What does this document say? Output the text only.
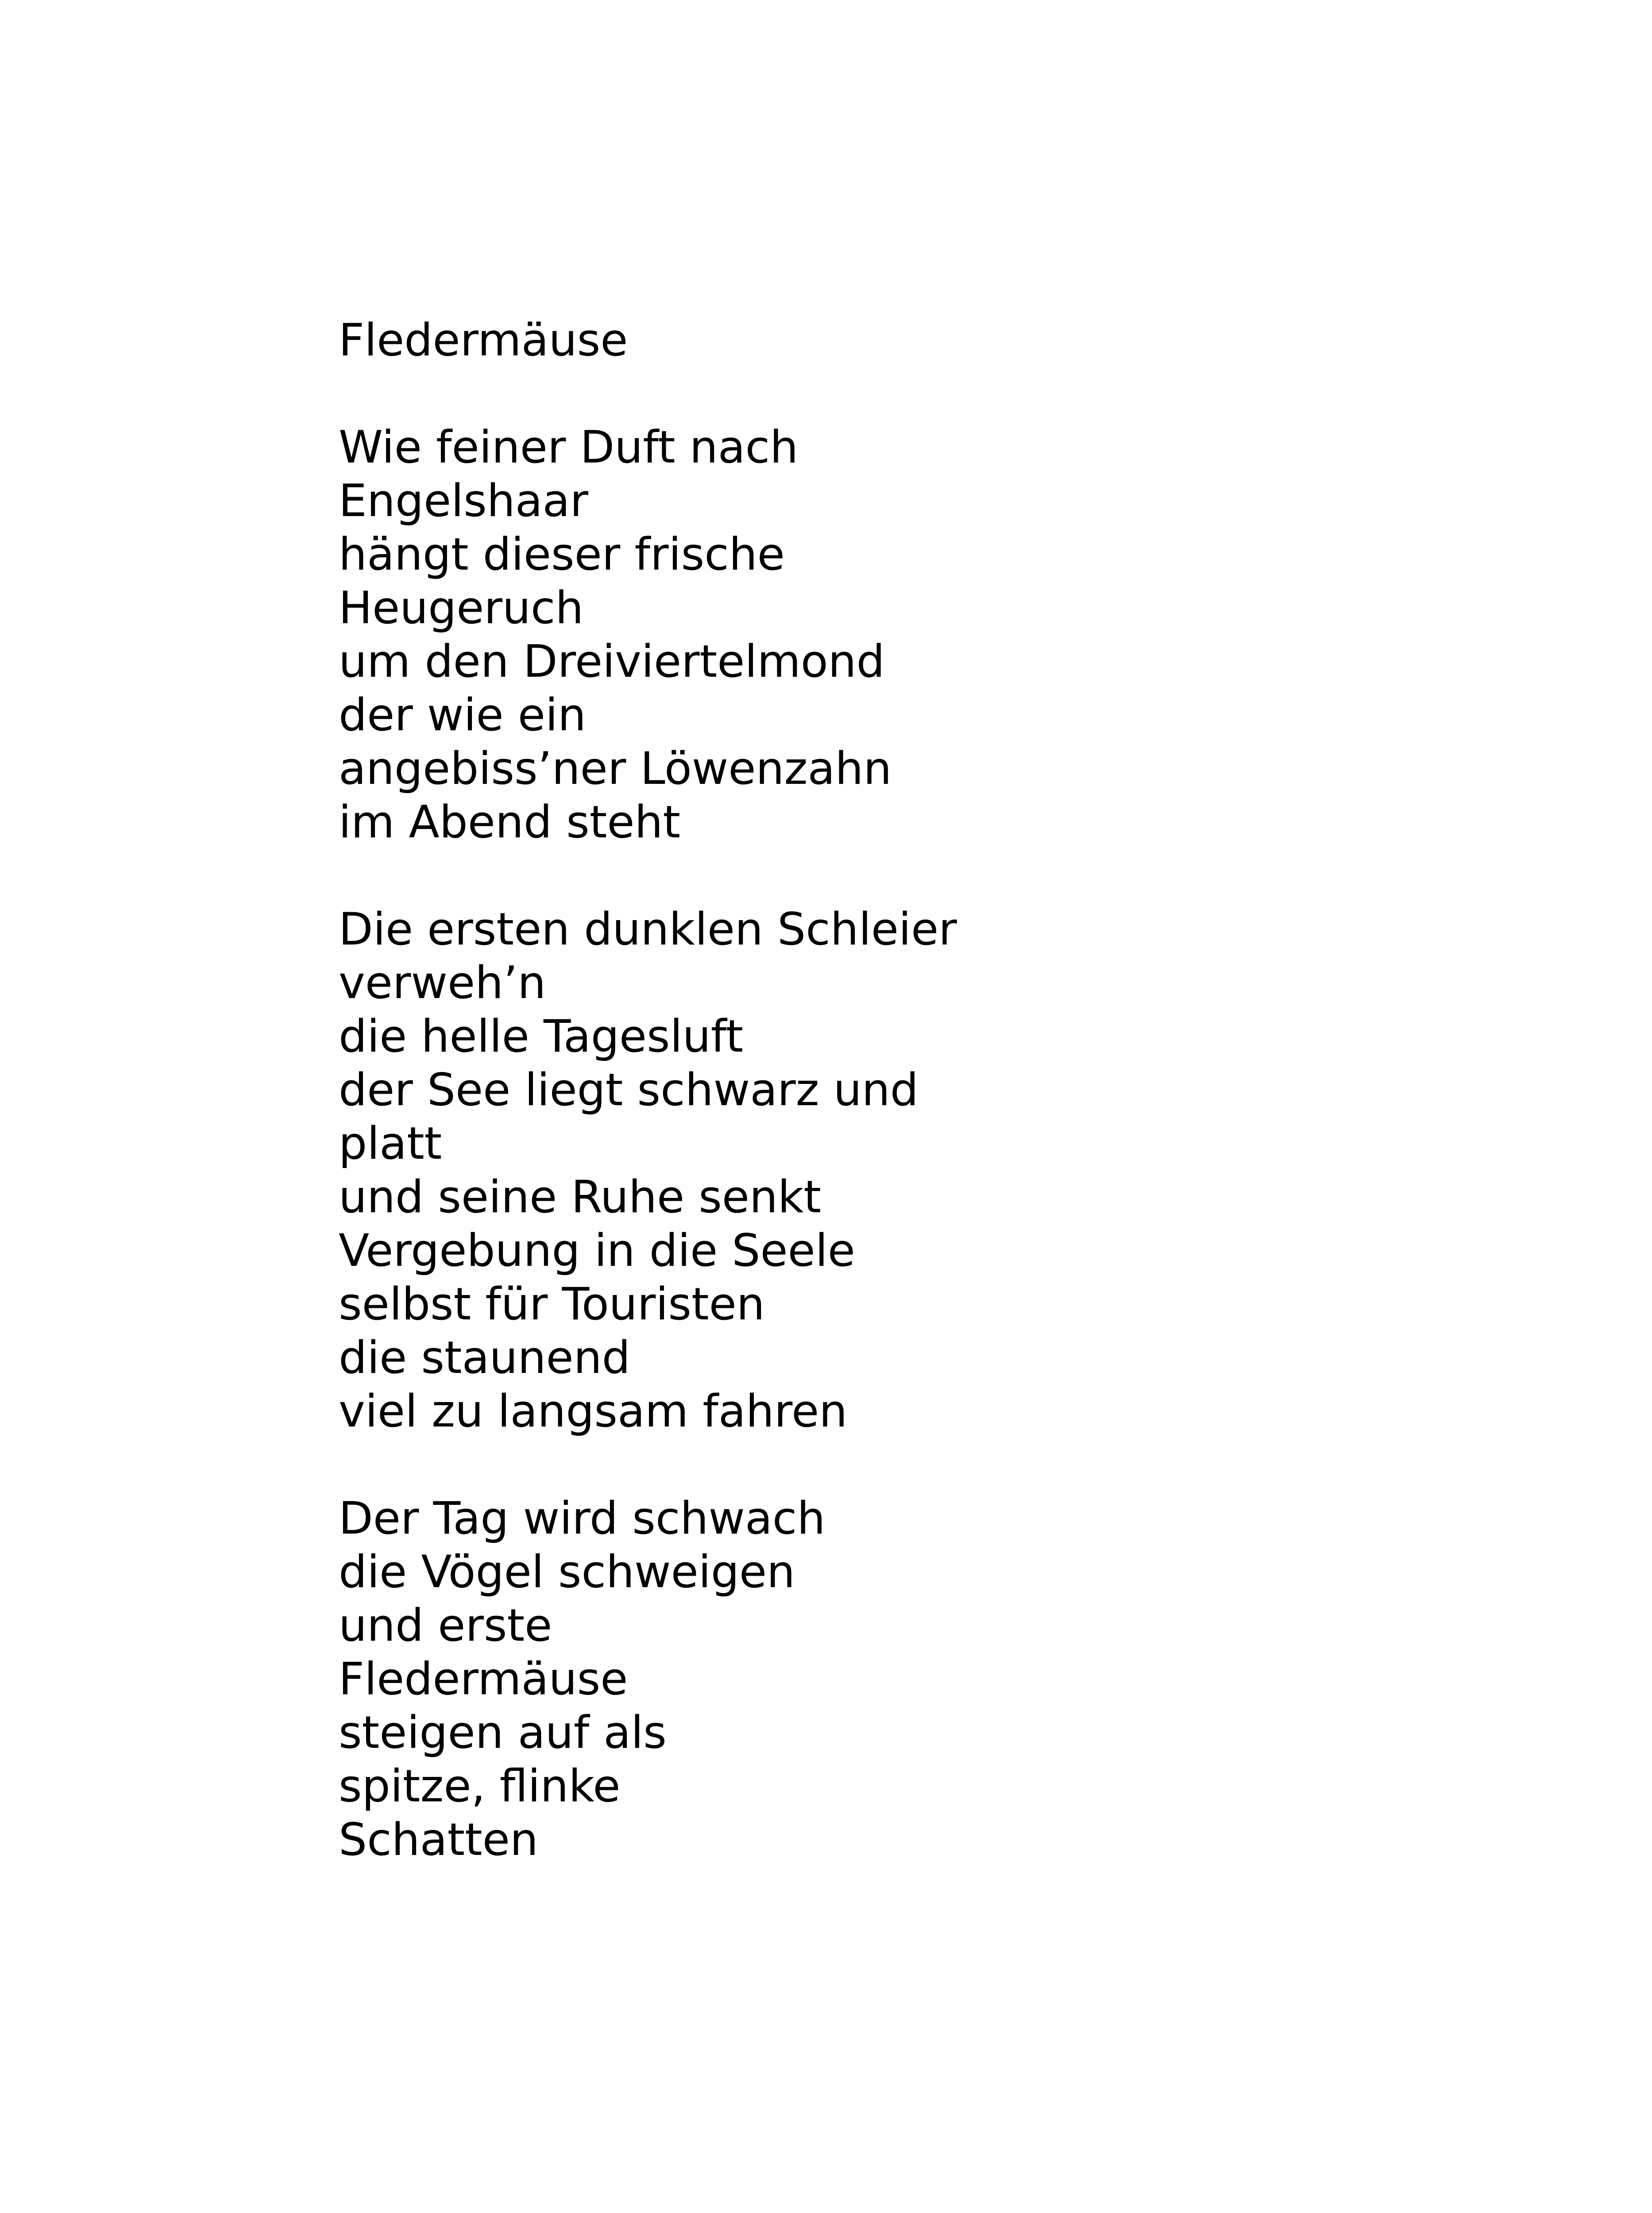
Fledermäuse
Wie feiner Duft nach
Engelshaar
hängt dieser frische
Heugeruch
um den Dreiviertelmond
der wie ein
angebiss’ner Löwenzahn
im Abend steht
Die ersten dunklen Schleier
verweh’n
die helle Tagesluft
der See liegt schwarz und
platt
und seine Ruhe senkt
Vergebung in die Seele
selbst für Touristen
die staunend
viel zu langsam fahren
Der Tag wird schwach
die Vögel schweigen
und erste
Fledermäuse
steigen auf als
spitze, flinke
Schatten
